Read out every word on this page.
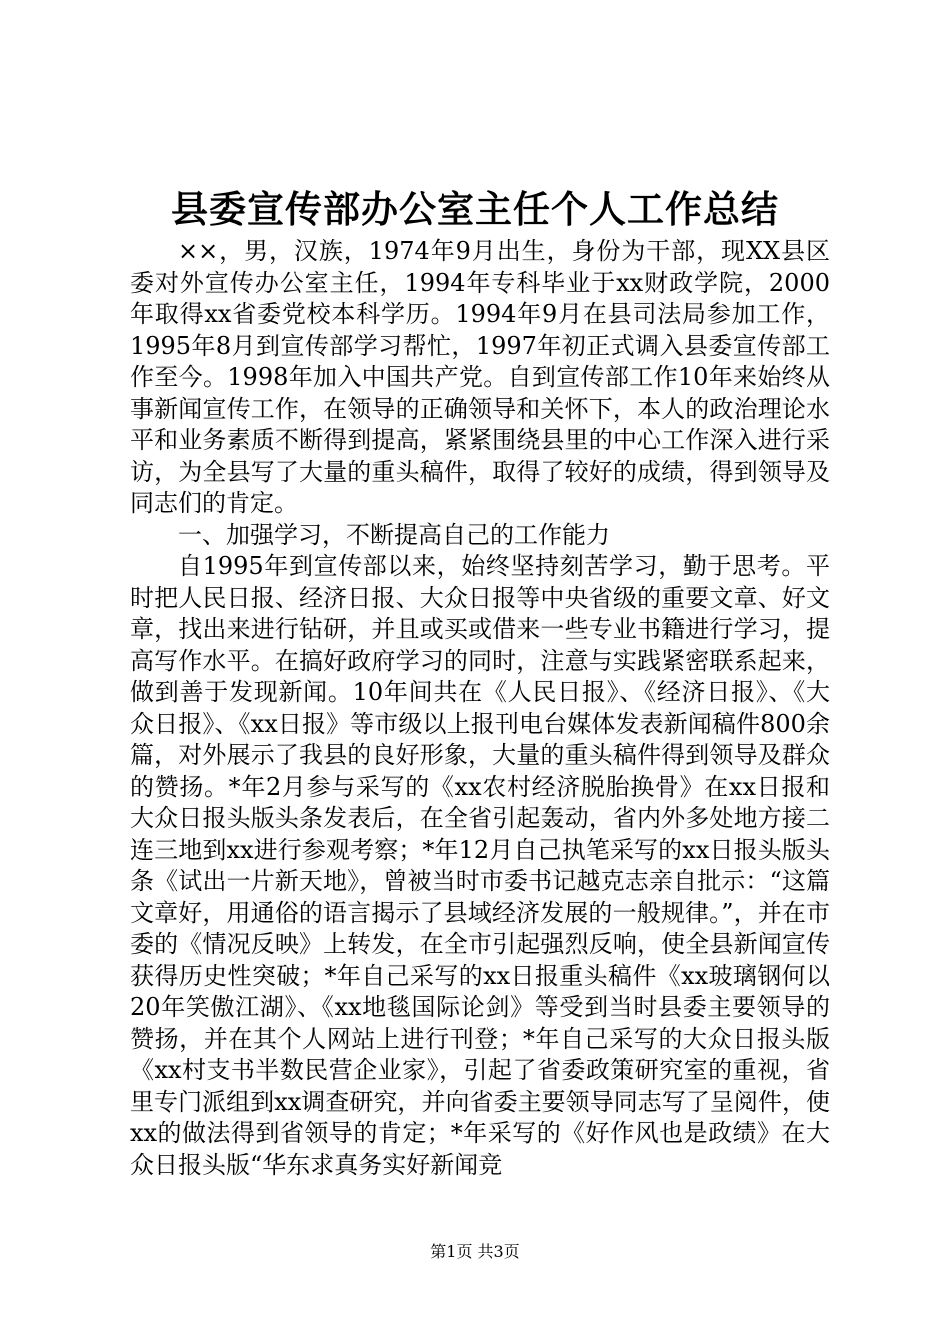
县委宣传部办公室主任个人工作总结

××，男，汉族，1974年9月出生，身份为干部，现XX县区委对外宣传办公室主任，1994年专科毕业于xx财政学院，2000年取得xx省委党校本科学历。1994年9月在县司法局参加工作，1995年8月到宣传部学习帮忙，1997年初正式调入县委宣传部工作至今。1998年加入中国共产党。自到宣传部工作10年来始终从事新闻宣传工作，在领导的正确领导和关怀下，本人的政治理论水平和业务素质不断得到提高，紧紧围绕县里的中心工作深入进行采访，为全县写了大量的重头稿件，取得了较好的成绩，得到领导及同志们的肯定。

一、加强学习，不断提高自己的工作能力

自1995年到宣传部以来，始终坚持刻苦学习，勤于思考。平时把人民日报、经济日报、大众日报等中央省级的重要文章、好文章，找出来进行钻研，并且或买或借来一些专业书籍进行学习，提高写作水平。在搞好政府学习的同时，注意与实践紧密联系起来，做到善于发现新闻。10年间共在《人民日报》、《经济日报》、《大众日报》、《xx日报》等市级以上报刊电台媒体发表新闻稿件800余篇，对外展示了我县的良好形象，大量的重头稿件得到领导及群众的赞扬。*年2月参与采写的《xx农村经济脱胎换骨》在xx日报和大众日报头版头条发表后，在全省引起轰动，省内外多处地方接二连三地到xx进行参观考察；*年12月自己执笔采写的xx日报头版头条《试出一片新天地》，曾被当时市委书记越克志亲自批示：“这篇文章好，用通俗的语言揭示了县域经济发展的一般规律。”，并在市委的《情况反映》上转发，在全市引起强烈反响，使全县新闻宣传获得历史性突破；*年自己采写的xx日报重头稿件《xx玻璃钢何以20年笑傲江湖》、《xx地毯国际论剑》等受到当时县委主要领导的赞扬，并在其个人网站上进行刊登；*年自己采写的大众日报头版《xx村支书半数民营企业家》，引起了省委政策研究室的重视，省里专门派组到xx调查研究，并向省委主要领导同志写了呈阅件，使xx的做法得到省领导的肯定；*年采写的《好作风也是政绩》在大众日报头版“华东求真务实好新闻竞

第1页 共3页
